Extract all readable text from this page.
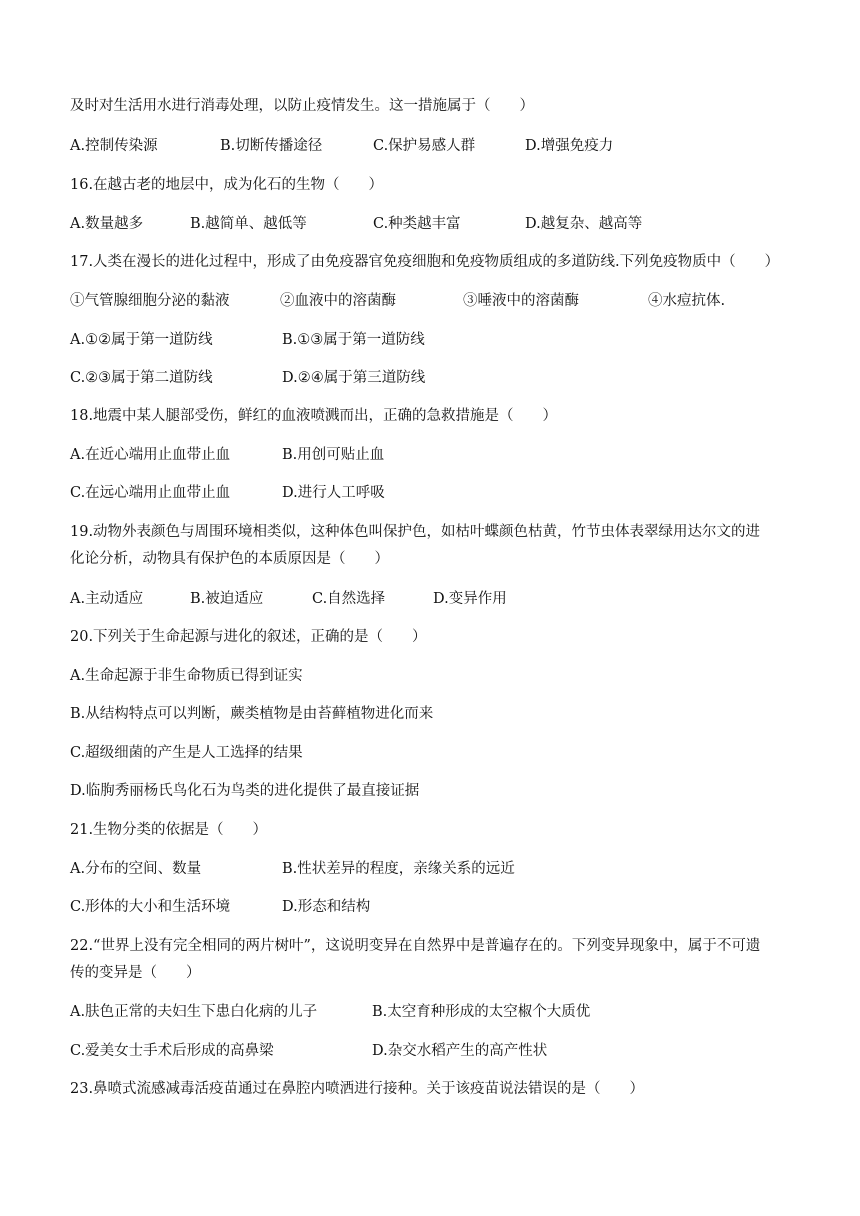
及时对生活用水进行消毒处理，以防止疫情发生。这一措施属于（　　）
A.控制传染源	B.切断传播途径	C.保护易感人群	D.增强免疫力
16.在越古老的地层中，成为化石的生物（　　）
A.数量越多	B.越简单、越低等	C.种类越丰富	D.越复杂、越高等
17.人类在漫长的进化过程中，形成了由免疫器官免疫细胞和免疫物质组成的多道防线.下列免疫物质中（　　）
①气管腺细胞分泌的黏液	②血液中的溶菌酶	③唾液中的溶菌酶	④水痘抗体.
A.①②属于第一道防线	B.①③属于第一道防线
C.②③属于第二道防线	D.②④属于第三道防线
18.地震中某人腿部受伤，鲜红的血液喷溅而出，正确的急救措施是（　　）
A.在近心端用止血带止血	B.用创可贴止血
C.在远心端用止血带止血	D.进行人工呼吸
19.动物外表颜色与周围环境相类似，这种体色叫保护色，如枯叶蝶颜色枯黄，竹节虫体表翠绿用达尔文的进
化论分析，动物具有保护色的本质原因是（　　）
A.主动适应	B.被迫适应	C.自然选择	D.变异作用
20.下列关于生命起源与进化的叙述，正确的是（　　）
A.生命起源于非生命物质已得到证实
B.从结构特点可以判断，蕨类植物是由苔藓植物进化而来
C.超级细菌的产生是人工选择的结果
D.临朐秀丽杨氏鸟化石为鸟类的进化提供了最直接证据
21.生物分类的依据是（　　）
A.分布的空间、数量	B.性状差异的程度，亲缘关系的远近
C.形体的大小和生活环境	D.形态和结构
22.“世界上没有完全相同的两片树叶”，这说明变异在自然界中是普遍存在的。下列变异现象中，属于不可遗
传的变异是（　　）
A.肤色正常的夫妇生下患白化病的儿子	B.太空育种形成的太空椒个大质优
C.爱美女士手术后形成的高鼻梁	D.杂交水稻产生的高产性状
23.鼻喷式流感减毒活疫苗通过在鼻腔内喷洒进行接种。关于该疫苗说法错误的是（　　）
